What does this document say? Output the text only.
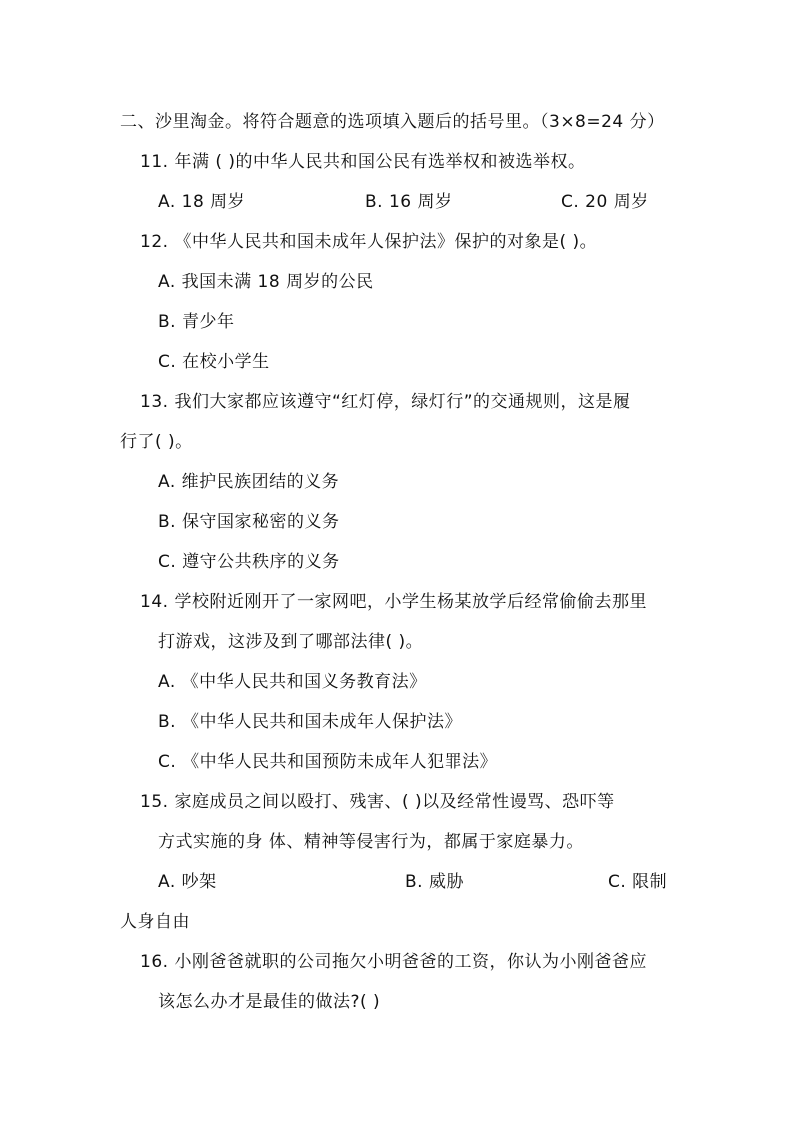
二、沙里淘金。将符合题意的选项填入题后的括号里。（3×8=24 分）
11. 年满 ( )的中华人民共和国公民有选举权和被选举权。
A. 18 周岁	B. 16 周岁	C. 20 周岁
12. 《中华人民共和国未成年人保护法》保护的对象是( )。
A. 我国未满 18 周岁的公民
B. 青少年
C. 在校小学生
13. 我们大家都应该遵守“红灯停，绿灯行”的交通规则，这是履
行了( )。
A. 维护民族团结的义务
B. 保守国家秘密的义务
C. 遵守公共秩序的义务
14. 学校附近刚开了一家网吧，小学生杨某放学后经常偷偷去那里
打游戏，这涉及到了哪部法律( )。
A. 《中华人民共和国义务教育法》
B. 《中华人民共和国未成年人保护法》
C. 《中华人民共和国预防未成年人犯罪法》
15. 家庭成员之间以殴打、残害、( )以及经常性谩骂、恐吓等
方式实施的身 体、精神等侵害行为，都属于家庭暴力。
A. 吵架	B. 威胁	C. 限制
人身自由
16. 小刚爸爸就职的公司拖欠小明爸爸的工资，你认为小刚爸爸应
该怎么办才是最佳的做法?( )
